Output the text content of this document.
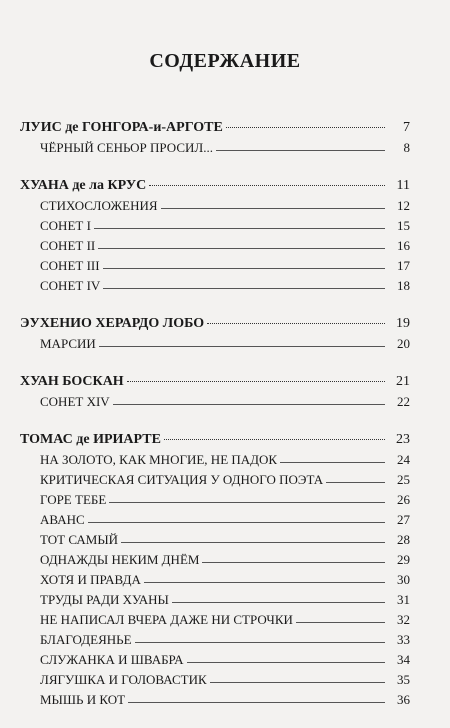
СОДЕРЖАНИЕ
ЛУИС де ГОНГОРА-и-АРГОТЕ	7
ЧЁРНЫЙ СЕНЬОР ПРОСИЛ...	8
ХУАНА де ла КРУС	11
СТИХОСЛОЖЕНИЯ	12
СОНЕТ I	15
СОНЕТ II	16
СОНЕТ III	17
СОНЕТ IV	18
ЭУХЕНИО ХЕРАРДО ЛОБО	19
МАРСИИ	20
ХУАН БОСКАН	21
СОНЕТ XIV	22
ТОМАС де ИРИАРТЕ	23
НА ЗОЛОТО, КАК МНОГИЕ, НЕ ПАДОК	24
КРИТИЧЕСКАЯ СИТУАЦИЯ У ОДНОГО ПОЭТА	25
ГОРЕ ТЕБЕ	26
АВАНС	27
ТОТ САМЫЙ	28
ОДНАЖДЫ НЕКИМ ДНЁМ	29
ХОТЯ И ПРАВДА	30
ТРУДЫ РАДИ ХУАНЫ	31
НЕ НАПИСАЛ ВЧЕРА ДАЖЕ НИ СТРОЧКИ	32
БЛАГОДЕЯНЬЕ	33
СЛУЖАНКА И ШВАБРА	34
ЛЯГУШКА И ГОЛОВАСТИК	35
МЫШЬ И КОТ	36
